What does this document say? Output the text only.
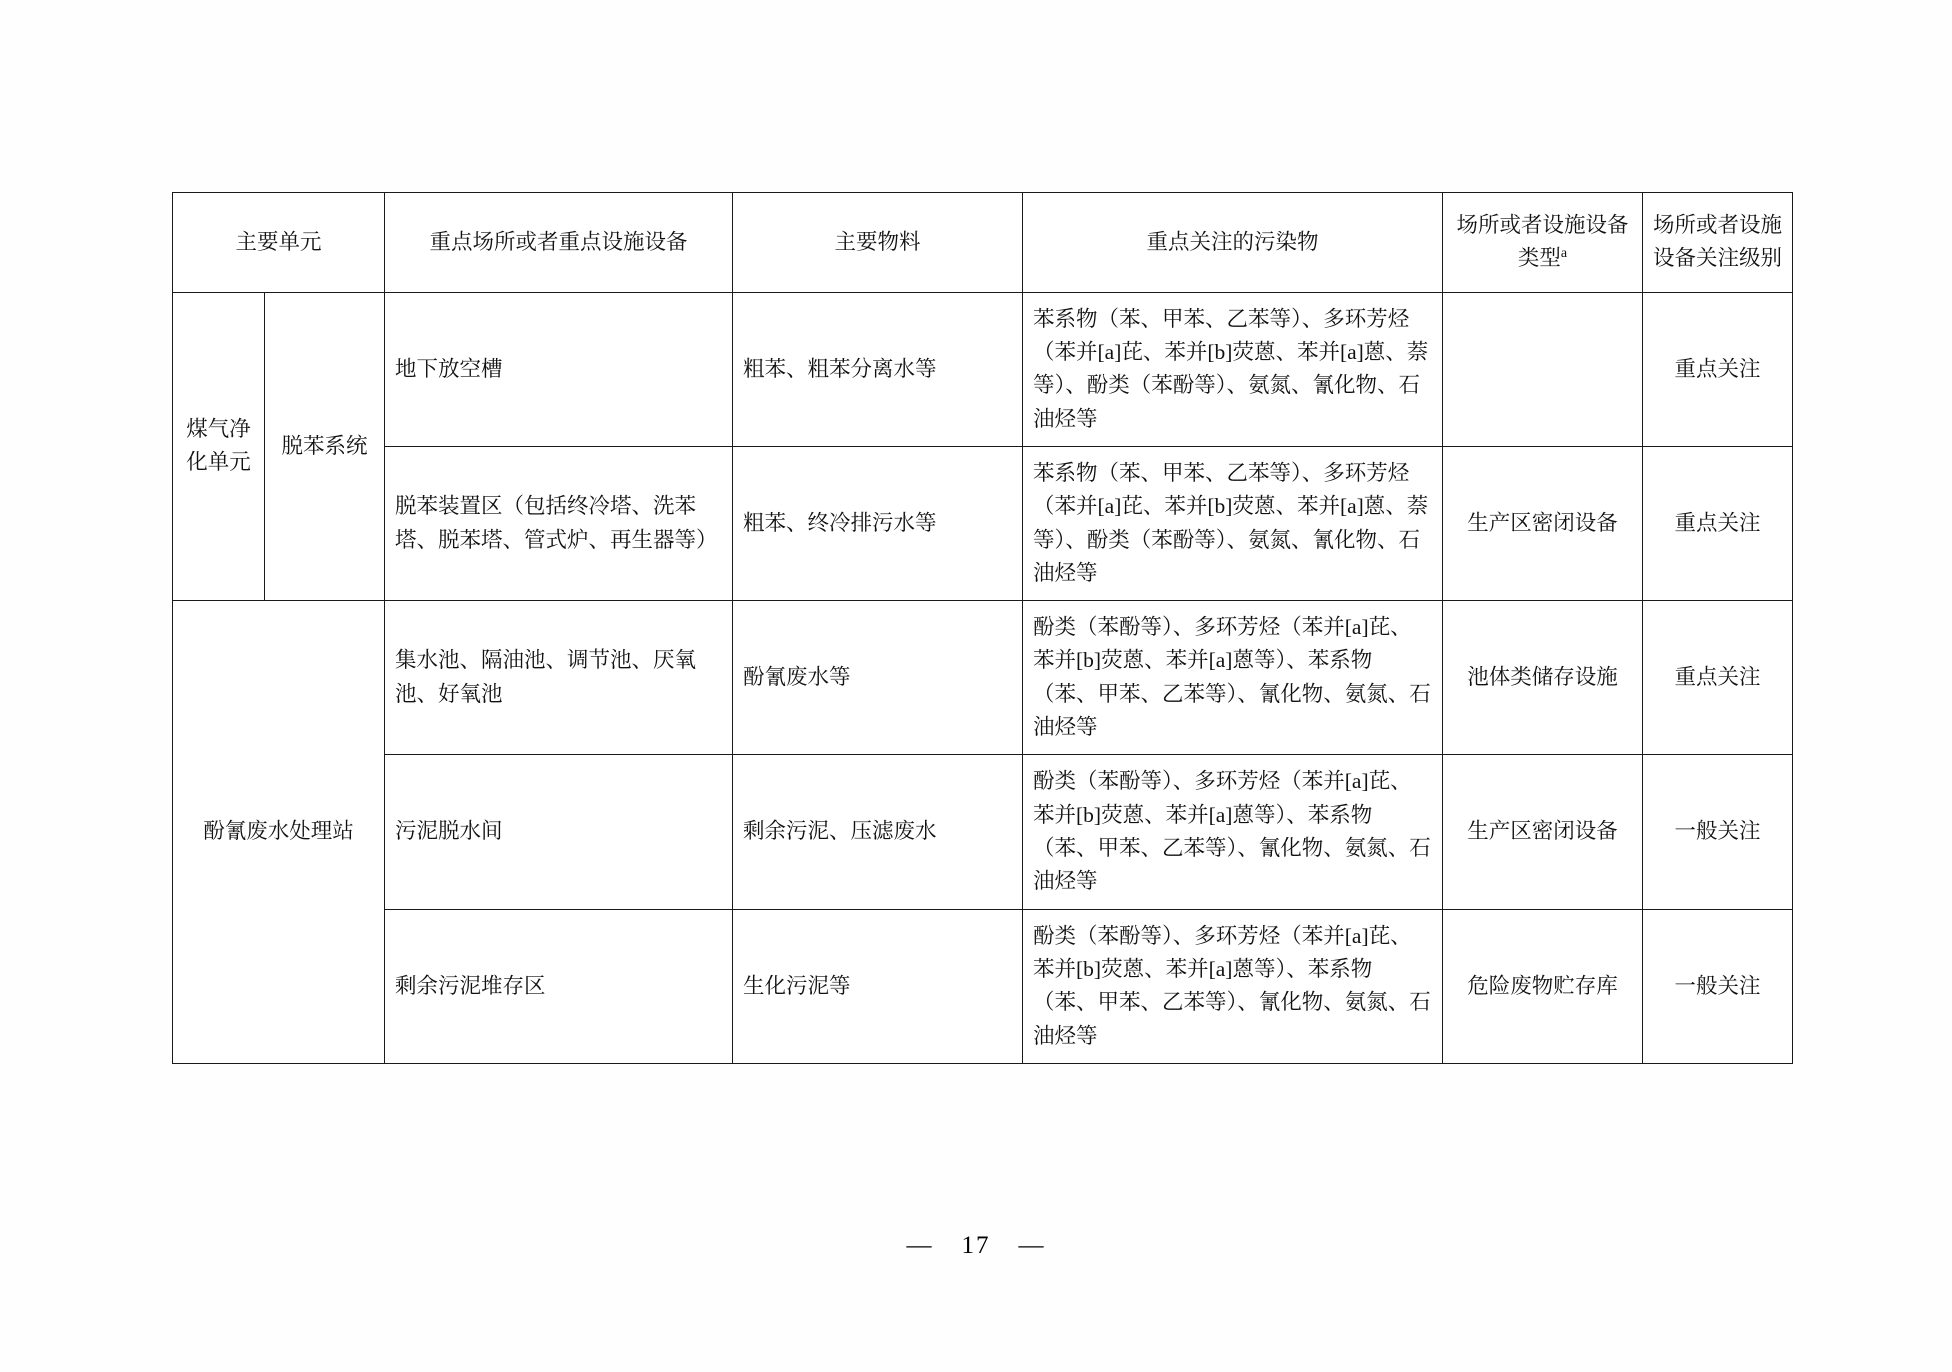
主要单元		重点场所或者重点设施设备	主要物料	重点关注的污染物	场所或者设施设备类型$^a$	场所或者设施设备关注级别
煤气净化单元	脱苯系统	地下放空槽	粗苯、粗苯分离水等	苯系物（苯、甲苯、乙苯等）、多环芳烃（苯并[a]芘、苯并[b]荧蒽、苯并[a]蒽、萘等）、酚类（苯酚等）、氨氮、氰化物、石油烃等		重点关注
		脱苯装置区（包括终冷塔、洗苯塔、脱苯塔、管式炉、再生器等）	粗苯、终冷排污水等	苯系物（苯、甲苯、乙苯等）、多环芳烃（苯并[a]芘、苯并[b]荧蒽、苯并[a]蒽、萘等）、酚类（苯酚等）、氨氮、氰化物、石油烃等	生产区密闭设备	重点关注
酚氰废水处理站		集水池、隔油池、调节池、厌氧池、好氧池	酚氰废水等	酚类（苯酚等）、多环芳烃（苯并[a]芘、苯并[b]荧蒽、苯并[a]蒽等）、苯系物（苯、甲苯、乙苯等）、氰化物、氨氮、石油烃等	池体类储存设施	重点关注
		污泥脱水间	剩余污泥、压滤废水	酚类（苯酚等）、多环芳烃（苯并[a]芘、苯并[b]荧蒽、苯并[a]蒽等）、苯系物（苯、甲苯、乙苯等）、氰化物、氨氮、石油烃等	生产区密闭设备	一般关注
		剩余污泥堆存区	生化污泥等	酚类（苯酚等）、多环芳烃（苯并[a]芘、苯并[b]荧蒽、苯并[a]蒽等）、苯系物（苯、甲苯、乙苯等）、氰化物、氨氮、石油烃等	危险废物贮存库	一般关注
— 17 —
